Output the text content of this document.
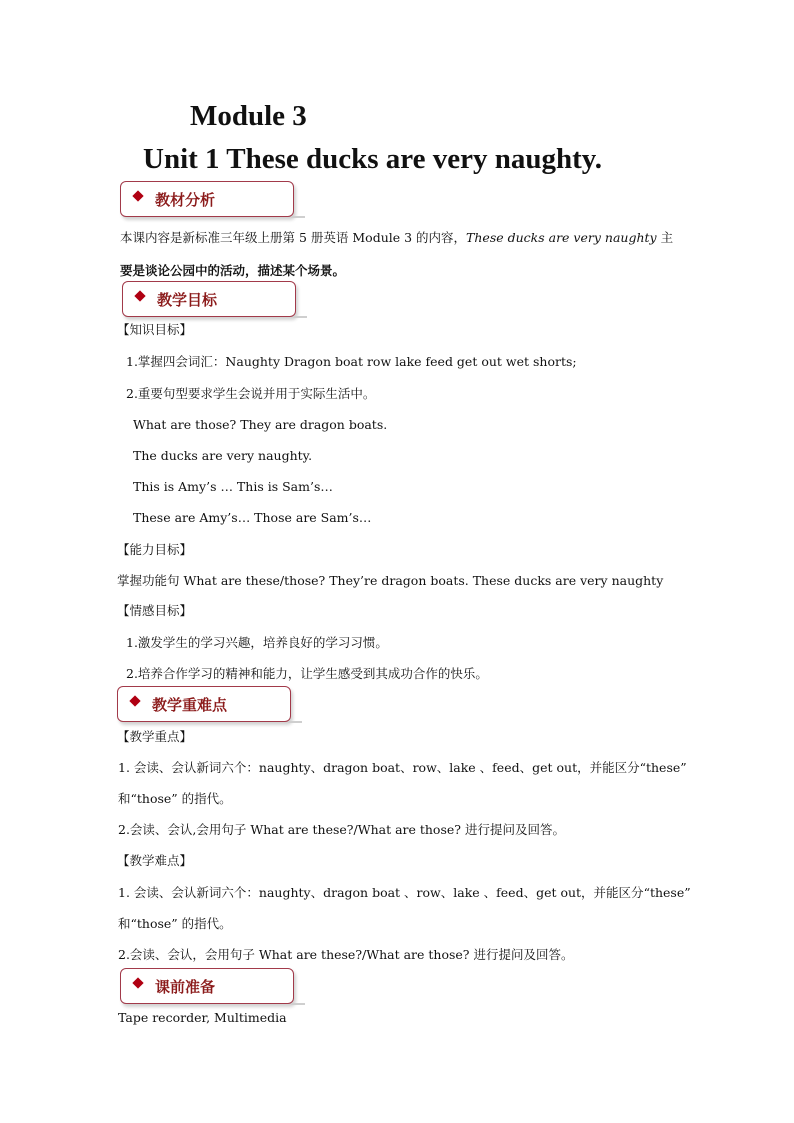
Module 3
Unit 1 These ducks are very naughty.
教材分析
本课内容是新标准三年级上册第 5 册英语 Module 3 的内容，These ducks are very naughty 主
要是谈论公园中的活动，描述某个场景。
教学目标
【知识目标】
1.掌握四会词汇：Naughty Dragon boat row lake feed get out wet shorts;
2.重要句型要求学生会说并用于实际生活中。
What are those? They are dragon boats.
The ducks are very naughty.
This is Amy’s … This is Sam’s…
These are Amy’s… Those are Sam’s…
【能力目标】
掌握功能句 What are these/those? They’re dragon boats. These ducks are very naughty
【情感目标】
1.激发学生的学习兴趣，培养良好的学习习惯。
2.培养合作学习的精神和能力，让学生感受到其成功合作的快乐。
教学重难点
【教学重点】
1. 会读、会认新词六个：naughty、dragon boat、row、lake 、feed、get out，并能区分“these”
和“those” 的指代。
2.会读、会认,会用句子 What are these?/What are those? 进行提问及回答。
【教学难点】
1. 会读、会认新词六个：naughty、dragon boat 、row、lake 、feed、get out，并能区分“these”
和“those” 的指代。
2.会读、会认，会用句子 What are these?/What are those? 进行提问及回答。
课前准备
Tape recorder, Multimedia
